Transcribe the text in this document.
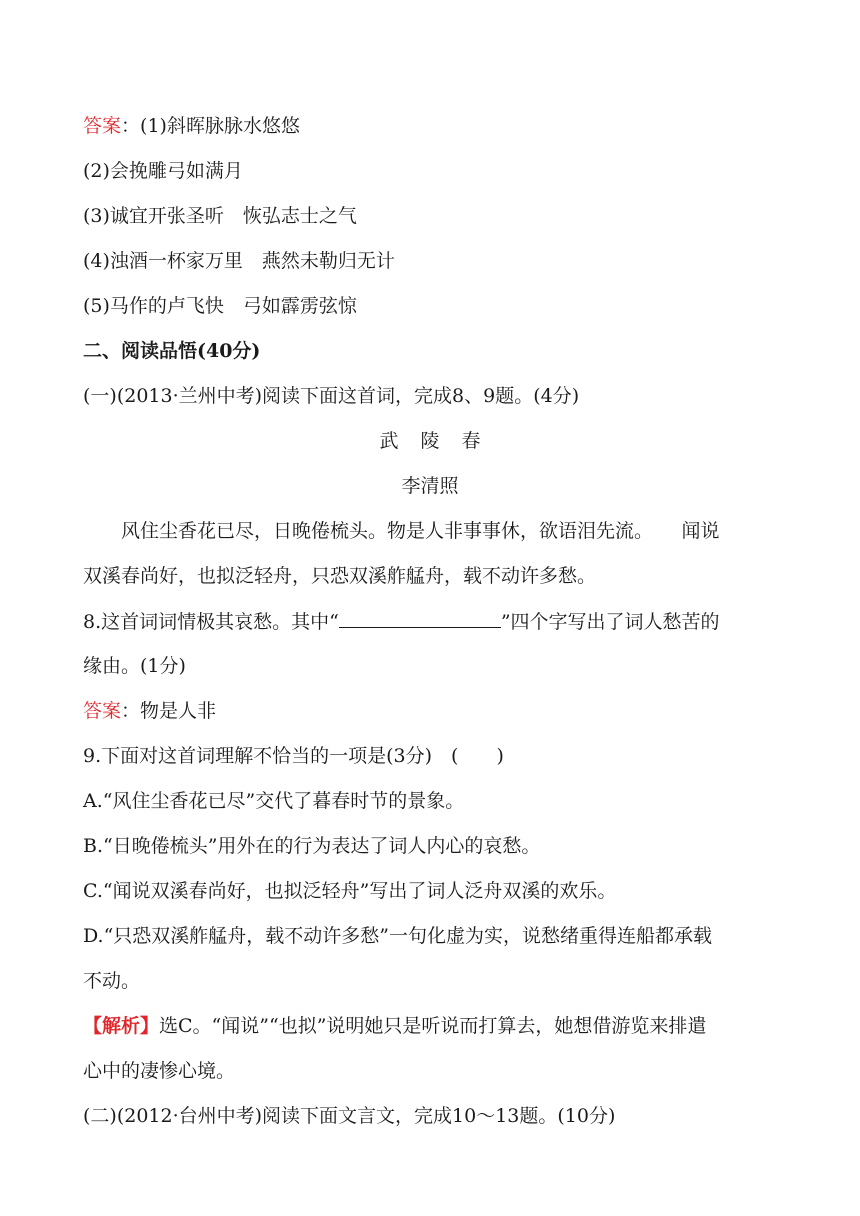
答案：(1)斜晖脉脉水悠悠
(2)会挽雕弓如满月
(3)诚宜开张圣听　恢弘志士之气
(4)浊酒一杯家万里　燕然未勒归无计
(5)马作的卢飞快　弓如霹雳弦惊
二、阅读品悟(40分)
(一)(2013·兰州中考)阅读下面这首词，完成8、9题。(4分)
武陵春
李清照
风住尘香花已尽，日晚倦梳头。物是人非事事休，欲语泪先流。　　闻说
双溪春尚好，也拟泛轻舟，只恐双溪舴艋舟，载不动许多愁。
8.这首词词情极其哀愁。其中“	”四个字写出了词人愁苦的
缘由。(1分)
答案：物是人非
9.下面对这首词理解不恰当的一项是(3分)　(　　)
A.“风住尘香花已尽”交代了暮春时节的景象。
B.“日晚倦梳头”用外在的行为表达了词人内心的哀愁。
C.“闻说双溪春尚好，也拟泛轻舟”写出了词人泛舟双溪的欢乐。
D.“只恐双溪舴艋舟，载不动许多愁”一句化虚为实，说愁绪重得连船都承载
不动。
【解析】选C。“闻说”“也拟”说明她只是听说而打算去，她想借游览来排遣
心中的凄惨心境。
(二)(2012·台州中考)阅读下面文言文，完成10～13题。(10分)
